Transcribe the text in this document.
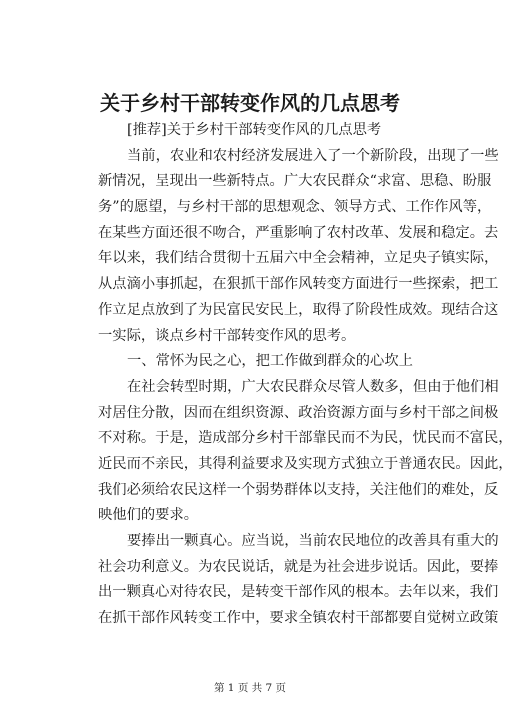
关于乡村干部转变作风的几点思考
[推荐]关于乡村干部转变作风的几点思考
当前，农业和农村经济发展进入了一个新阶段，出现了一些
新情况，呈现出一些新特点。广大农民群众“求富、思稳、盼服
务”的愿望，与乡村干部的思想观念、领导方式、工作作风等，
在某些方面还很不吻合，严重影响了农村改革、发展和稳定。去
年以来，我们结合贯彻十五届六中全会精神，立足央子镇实际，
从点滴小事抓起，在狠抓干部作风转变方面进行一些探索，把工
作立足点放到了为民富民安民上，取得了阶段性成效。现结合这
一实际，谈点乡村干部转变作风的思考。
一、常怀为民之心，把工作做到群众的心坎上
在社会转型时期，广大农民群众尽管人数多，但由于他们相
对居住分散，因而在组织资源、政治资源方面与乡村干部之间极
不对称。于是，造成部分乡村干部靠民而不为民，忧民而不富民，
近民而不亲民，其得利益要求及实现方式独立于普通农民。因此，
我们必须给农民这样一个弱势群体以支持，关注他们的难处，反
映他们的要求。
要捧出一颗真心。应当说，当前农民地位的改善具有重大的
社会功利意义。为农民说话，就是为社会进步说话。因此，要捧
出一颗真心对待农民，是转变干部作风的根本。去年以来，我们
在抓干部作风转变工作中，要求全镇农村干部都要自觉树立政策
第 1 页 共 7 页
